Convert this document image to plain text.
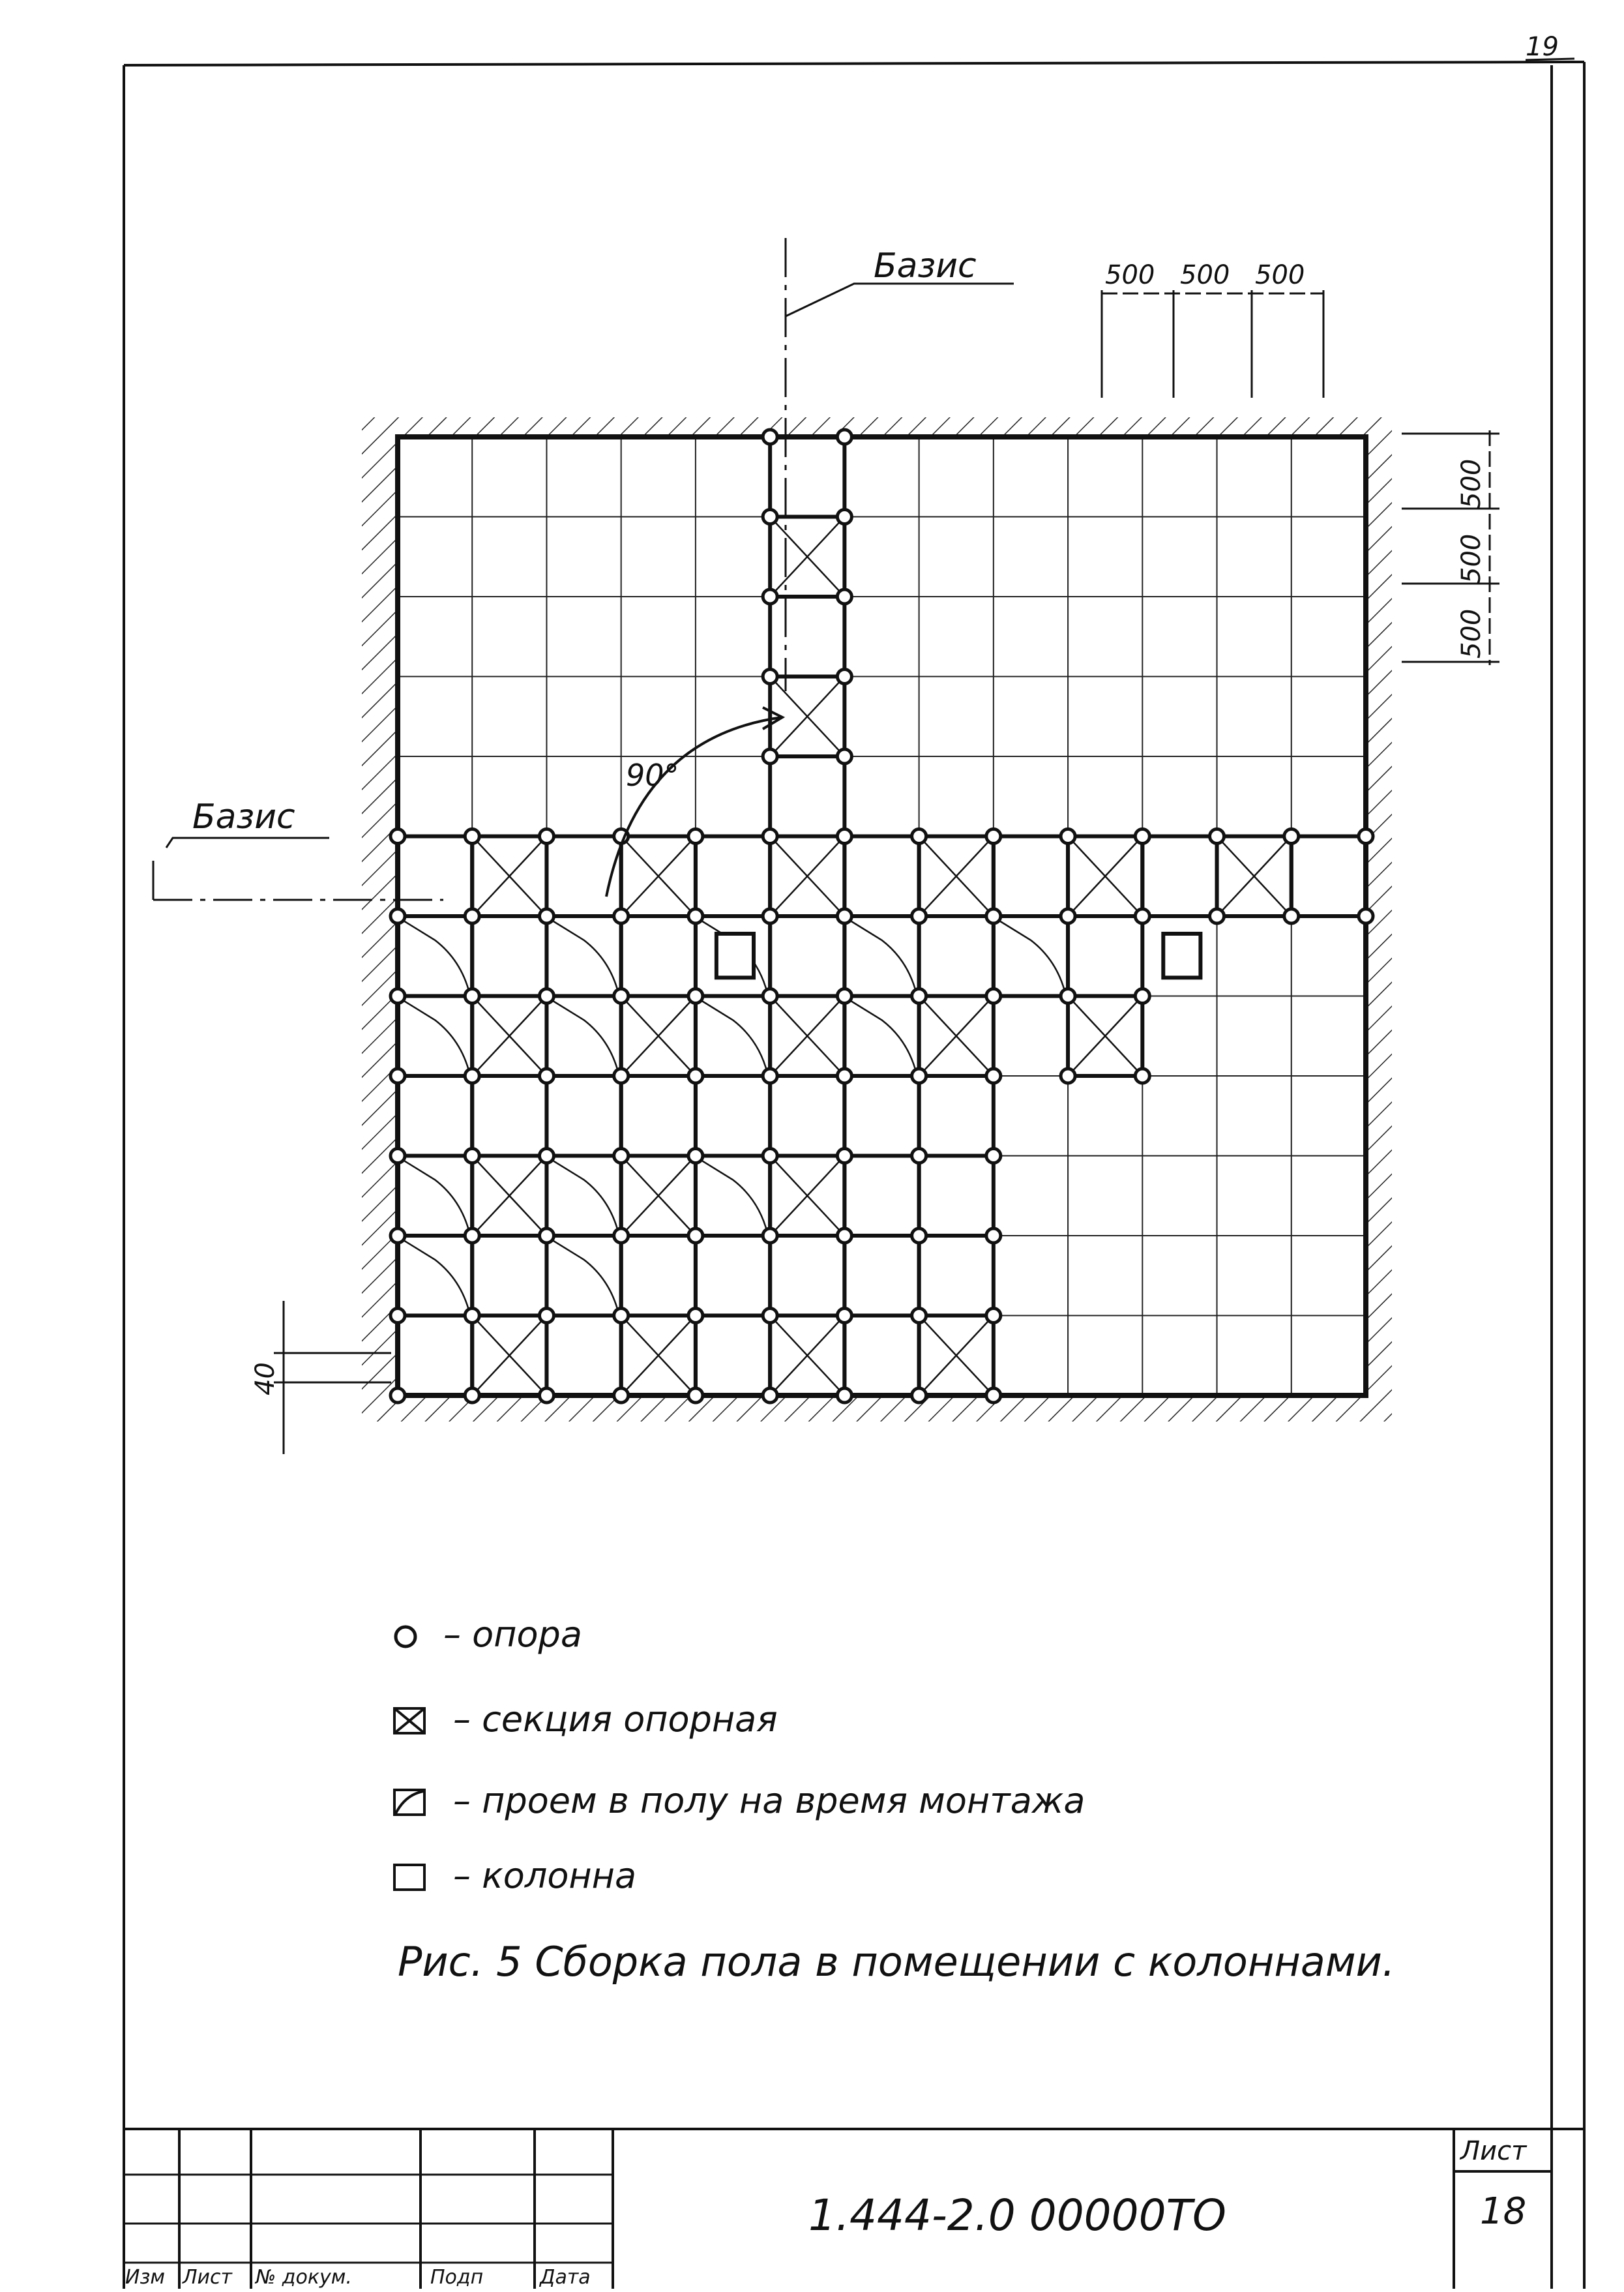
19
Базис
Базис
90°
500 500 500
500
500
500
40
– опора
– секция опорная
– проем в полу на время монтажа
– колонна
Рис. 5 Сборка пола в помещении с колоннами.
Изм Лист № докум.	Подп	Дата
1.444-2.0 00000ТО
Лист
18
